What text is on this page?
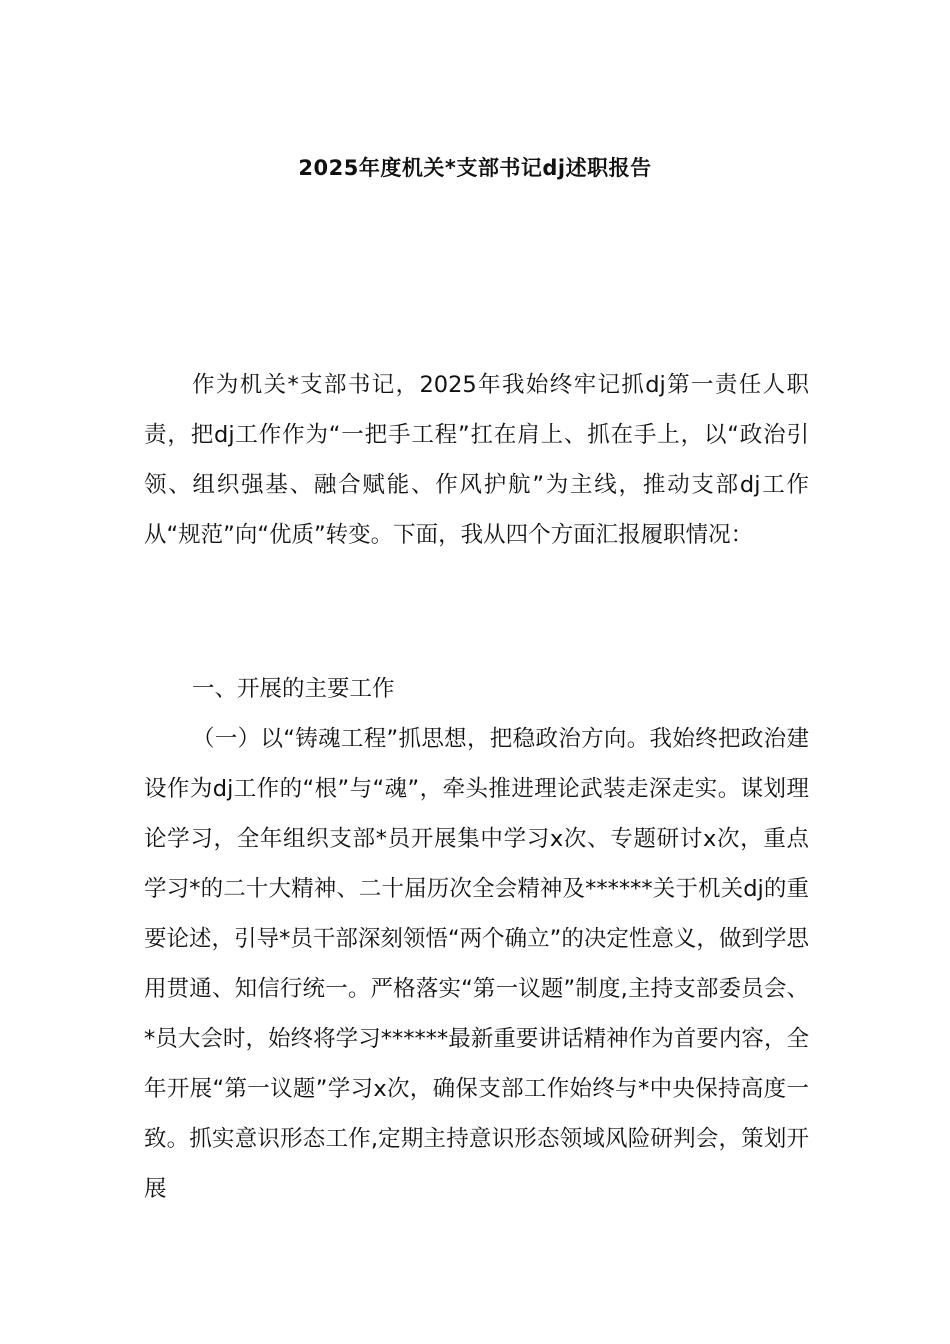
2025年度机关*支部书记dj述职报告

作为机关*支部书记，2025年我始终牢记抓dj第一责任人职责，把dj工作作为“一把手工程”扛在肩上、抓在手上，以“政治引领、组织强基、融合赋能、作风护航”为主线，推动支部dj工作从“规范”向“优质”转变。下面，我从四个方面汇报履职情况：

一、开展的主要工作

（一）以“铸魂工程”抓思想，把稳政治方向。我始终把政治建设作为dj工作的“根”与“魂”，牵头推进理论武装走深走实。谋划理论学习，全年组织支部*员开展集中学习x次、专题研讨x次，重点学习*的二十大精神、二十届历次全会精神及******关于机关dj的重要论述，引导*员干部深刻领悟“两个确立”的决定性意义，做到学思用贯通、知信行统一。严格落实“第一议题”制度,主持支部委员会、*员大会时，始终将学习******最新重要讲话精神作为首要内容，全年开展“第一议题”学习x次，确保支部工作始终与*中央保持高度一致。抓实意识形态工作,定期主持意识形态领域风险研判会，策划开展
